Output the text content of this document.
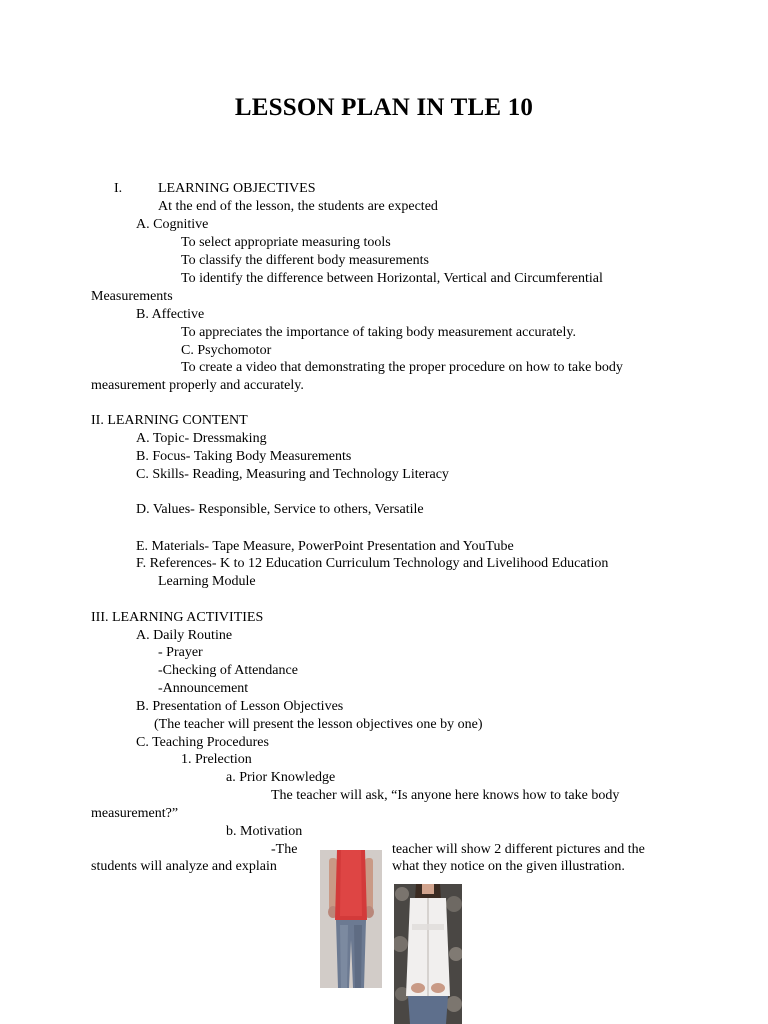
LESSON PLAN IN TLE 10
I.	LEARNING OBJECTIVES
At the end of the lesson, the students are expected
A. Cognitive
To select appropriate measuring tools
To classify the different body measurements
To identify the difference between Horizontal, Vertical and Circumferential
Measurements
B. Affective
To appreciates the importance of taking body measurement accurately.
C. Psychomotor
To create a video that demonstrating the proper procedure on how to take body
measurement properly and accurately.
II. LEARNING CONTENT
A. Topic- Dressmaking
B. Focus- Taking Body Measurements
C. Skills- Reading, Measuring and Technology Literacy
D. Values- Responsible, Service to others, Versatile
E. Materials- Tape Measure, PowerPoint Presentation and YouTube
F. References- K to 12 Education Curriculum Technology and Livelihood Education
Learning Module
III. LEARNING ACTIVITIES
A. Daily Routine
- Prayer
-Checking of Attendance
-Announcement
B. Presentation of Lesson Objectives
(The teacher will present the lesson objectives one by one)
C. Teaching Procedures
1. Prelection
a. Prior Knowledge
The teacher will ask, “Is anyone here knows how to take body
measurement?”
b. Motivation
-The	teacher will show 2 different pictures and the
students will analyze and explain	what they notice on the given illustration.
